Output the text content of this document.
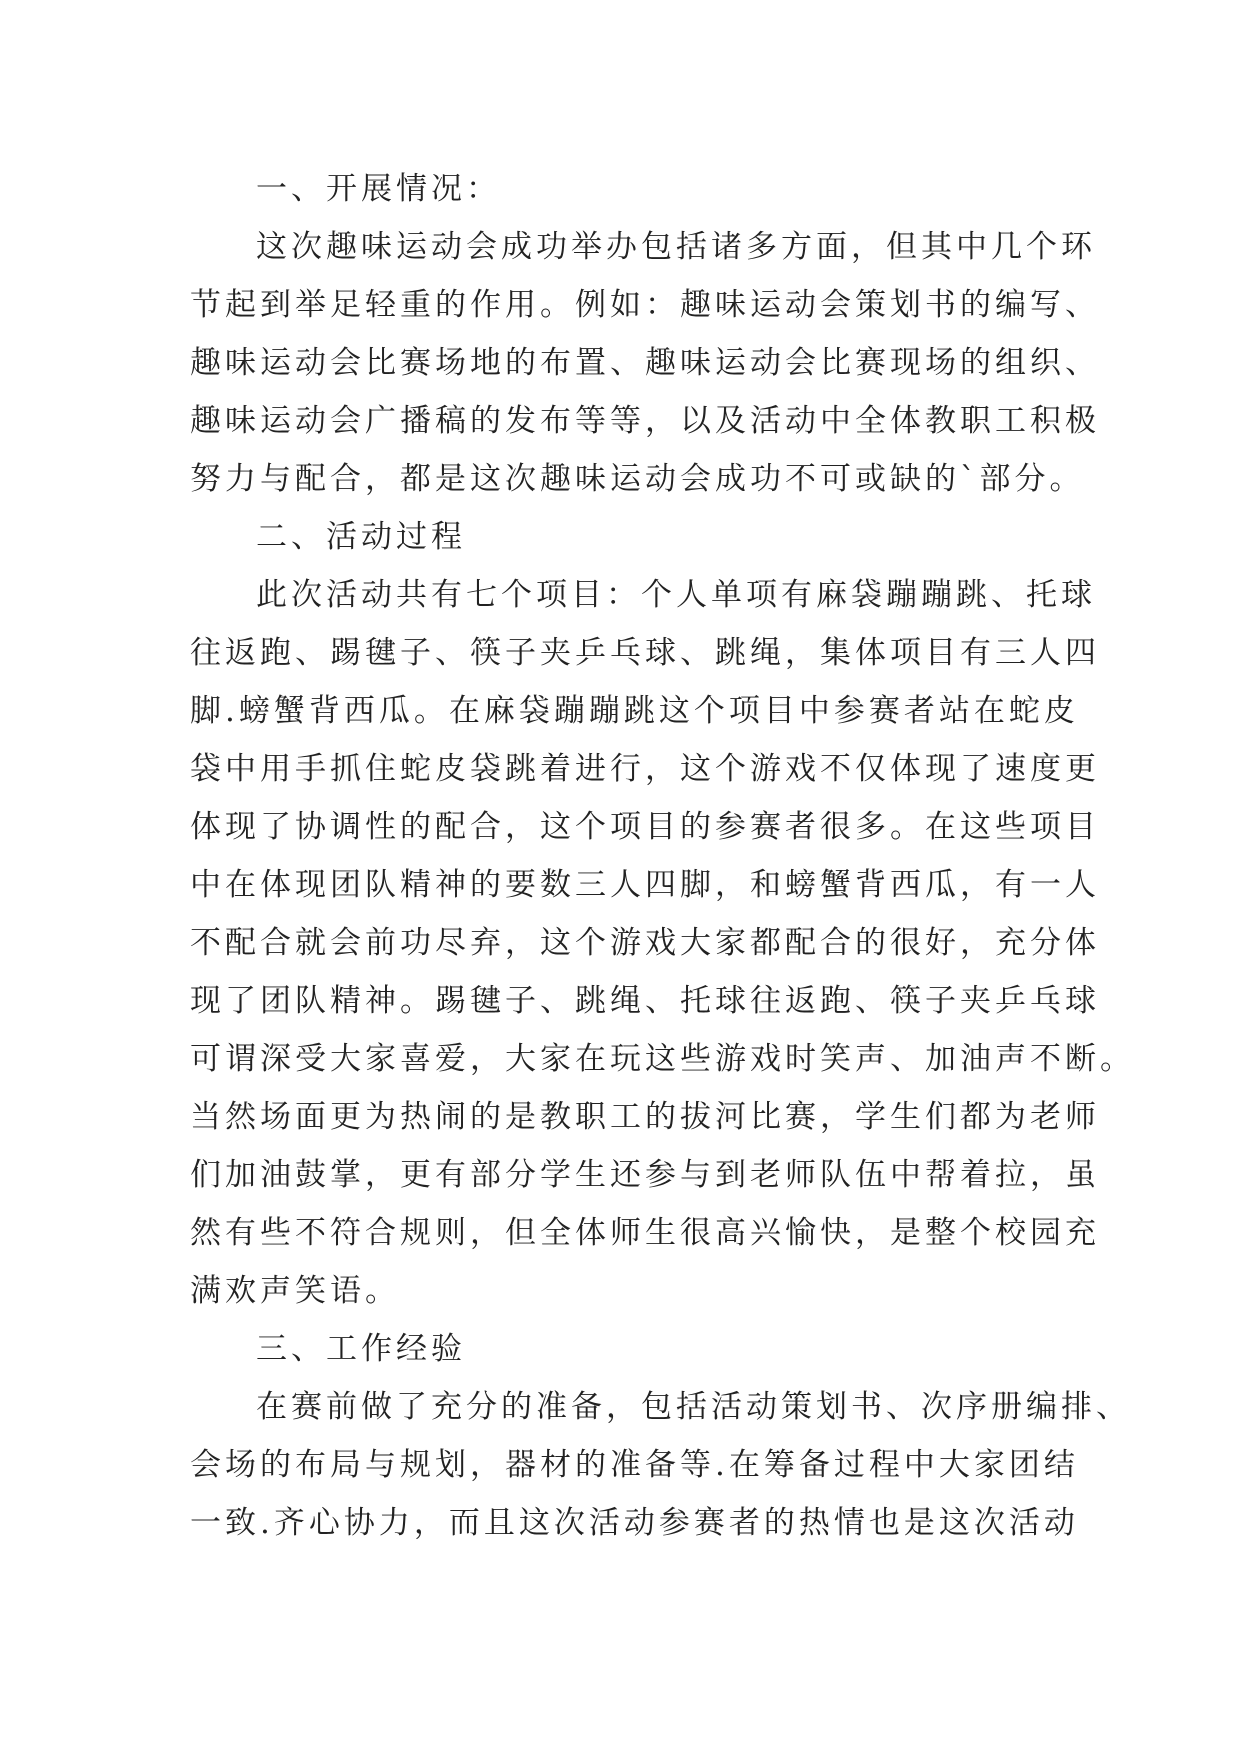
一、开展情况：
这次趣味运动会成功举办包括诸多方面，但其中几个环
节起到举足轻重的作用。例如：趣味运动会策划书的编写、
趣味运动会比赛场地的布置、趣味运动会比赛现场的组织、
趣味运动会广播稿的发布等等，以及活动中全体教职工积极
努力与配合，都是这次趣味运动会成功不可或缺的`部分。
二、活动过程
此次活动共有七个项目：个人单项有麻袋蹦蹦跳、托球
往返跑、踢毽子、筷子夹乒乓球、跳绳，集体项目有三人四
脚.螃蟹背西瓜。在麻袋蹦蹦跳这个项目中参赛者站在蛇皮
袋中用手抓住蛇皮袋跳着进行，这个游戏不仅体现了速度更
体现了协调性的配合，这个项目的参赛者很多。在这些项目
中在体现团队精神的要数三人四脚，和螃蟹背西瓜，有一人
不配合就会前功尽弃，这个游戏大家都配合的很好，充分体
现了团队精神。踢毽子、跳绳、托球往返跑、筷子夹乒乓球
可谓深受大家喜爱，大家在玩这些游戏时笑声、加油声不断。
当然场面更为热闹的是教职工的拔河比赛，学生们都为老师
们加油鼓掌，更有部分学生还参与到老师队伍中帮着拉，虽
然有些不符合规则，但全体师生很高兴愉快，是整个校园充
满欢声笑语。
三、工作经验
在赛前做了充分的准备，包括活动策划书、次序册编排、
会场的布局与规划，器材的准备等.在筹备过程中大家团结
一致.齐心协力，而且这次活动参赛者的热情也是这次活动
